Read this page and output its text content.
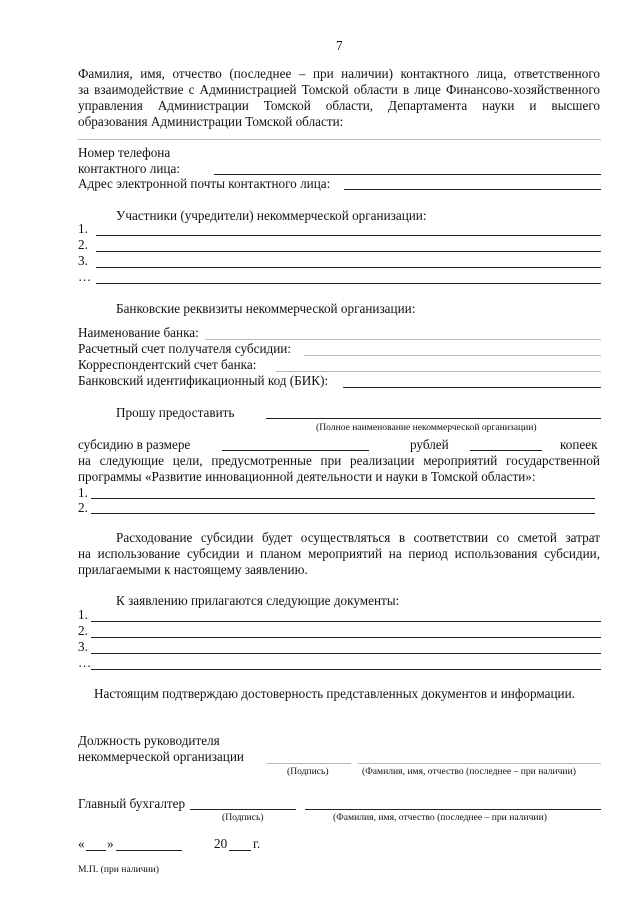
7
Фамилия, имя, отчество (последнее – при наличии) контактного лица, ответственного
за взаимодействие с Администрацией Томской области в лице Финансово-хозяйственного
управления Администрации Томской области, Департамента науки и высшего
образования Администрации Томской области:
Номер телефона
контактного лица:
Адрес электронной почты контактного лица:
Участники (учредители) некоммерческой организации:
1.
2.
3.
…
Банковские реквизиты некоммерческой организации:
Наименование банка:
Расчетный счет получателя субсидии:
Корреспондентский счет банка:
Банковский идентификационный код (БИК):
Прошу предоставить
(Полное наименование некоммерческой организации)
субсидию в размере	рублей	копеек
на следующие цели, предусмотренные при реализации мероприятий государственной
программы «Развитие инновационной деятельности и науки в Томской области»:
1.
2.
Расходование субсидии будет осуществляться в соответствии со сметой затрат
на использование субсидии и планом мероприятий на период использования субсидии,
прилагаемыми к настоящему заявлению.
К заявлению прилагаются следующие документы:
1.
2.
3.
…
Настоящим подтверждаю достоверность представленных документов и информации.
Должность руководителя
некоммерческой организации
(Подпись)	(Фамилия, имя, отчество (последнее – при наличии)
Главный бухгалтер
(Подпись)	(Фамилия, имя, отчество (последнее – при наличии)
« »	20 г.
М.П. (при наличии)
